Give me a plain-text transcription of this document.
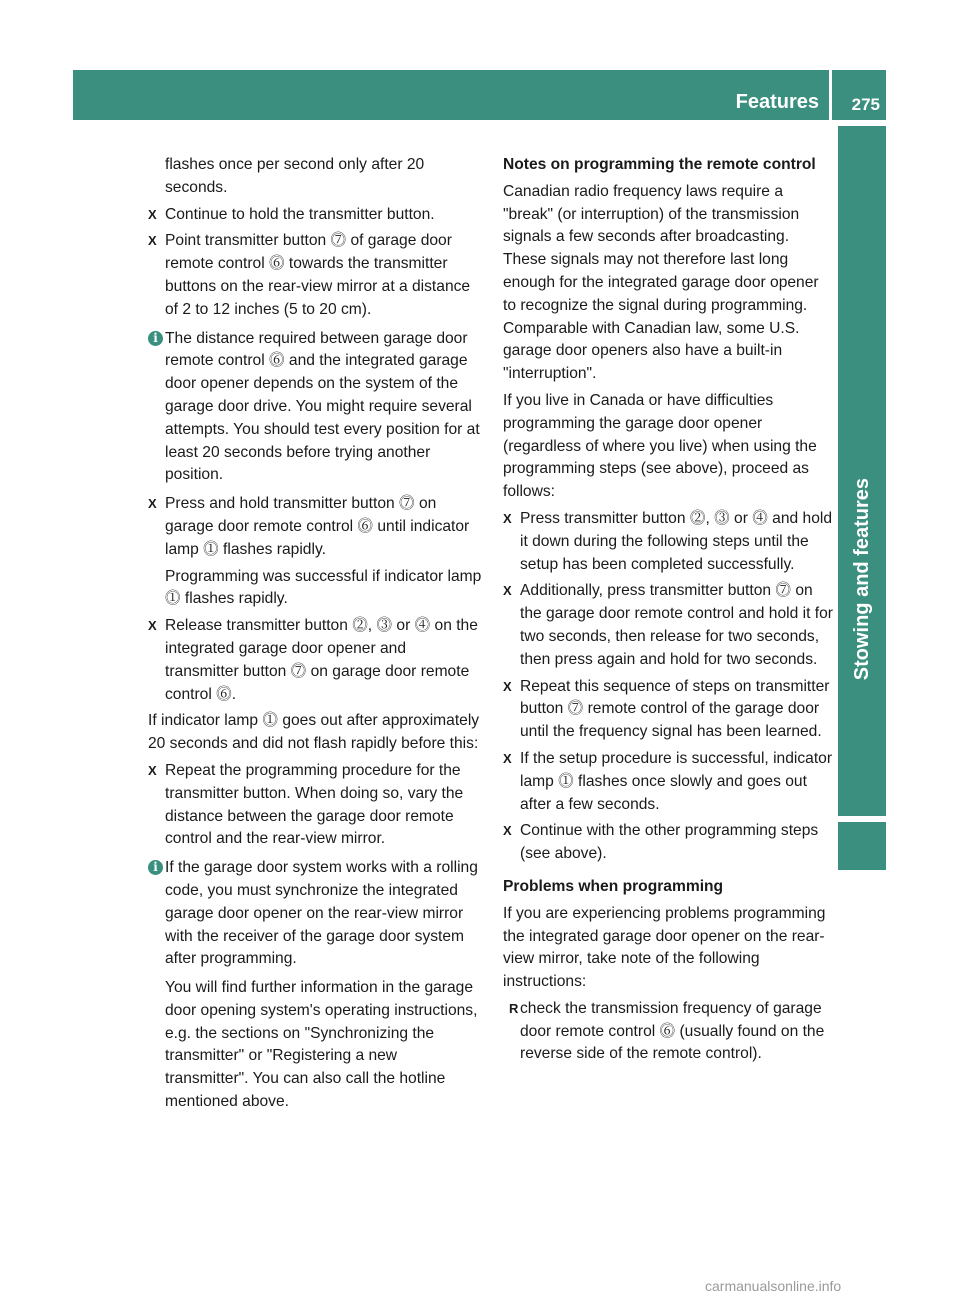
Features 275
Stowing and features
flashes once per second only after 20 seconds.
X Continue to hold the transmitter button.
X Point transmitter button ⓻ of garage door remote control ⓺ towards the transmitter buttons on the rear-view mirror at a distance of 2 to 12 inches (5 to 20 cm).
i The distance required between garage door remote control ⓺ and the integrated garage door opener depends on the system of the garage door drive. You might require several attempts. You should test every position for at least 20 seconds before trying another position.
X Press and hold transmitter button ⓻ on garage door remote control ⓺ until indicator lamp ⓵ flashes rapidly.
Programming was successful if indicator lamp ⓵ flashes rapidly.
X Release transmitter button ⓶, ⓷ or ⓸ on the integrated garage door opener and transmitter button ⓻ on garage door remote control ⓺.
If indicator lamp ⓵ goes out after approximately 20 seconds and did not flash rapidly before this:
X Repeat the programming procedure for the transmitter button. When doing so, vary the distance between the garage door remote control and the rear-view mirror.
i If the garage door system works with a rolling code, you must synchronize the integrated garage door opener on the rear-view mirror with the receiver of the garage door system after programming.
You will find further information in the garage door opening system's operating instructions, e.g. the sections on "Synchronizing the transmitter" or "Registering a new transmitter". You can also call the hotline mentioned above.
Notes on programming the remote control
Canadian radio frequency laws require a "break" (or interruption) of the transmission signals a few seconds after broadcasting. These signals may not therefore last long enough for the integrated garage door opener to recognize the signal during programming. Comparable with Canadian law, some U.S. garage door openers also have a built-in "interruption".
If you live in Canada or have difficulties programming the garage door opener (regardless of where you live) when using the programming steps (see above), proceed as follows:
X Press transmitter button ⓶, ⓷ or ⓸ and hold it down during the following steps until the setup has been completed successfully.
X Additionally, press transmitter button ⓻ on the garage door remote control and hold it for two seconds, then release for two seconds, then press again and hold for two seconds.
X Repeat this sequence of steps on transmitter button ⓻ remote control of the garage door until the frequency signal has been learned.
X If the setup procedure is successful, indicator lamp ⓵ flashes once slowly and goes out after a few seconds.
X Continue with the other programming steps (see above).
Problems when programming
If you are experiencing problems programming the integrated garage door opener on the rear-view mirror, take note of the following instructions:
R check the transmission frequency of garage door remote control ⓺ (usually found on the reverse side of the remote control).
carmanualsonline.info
